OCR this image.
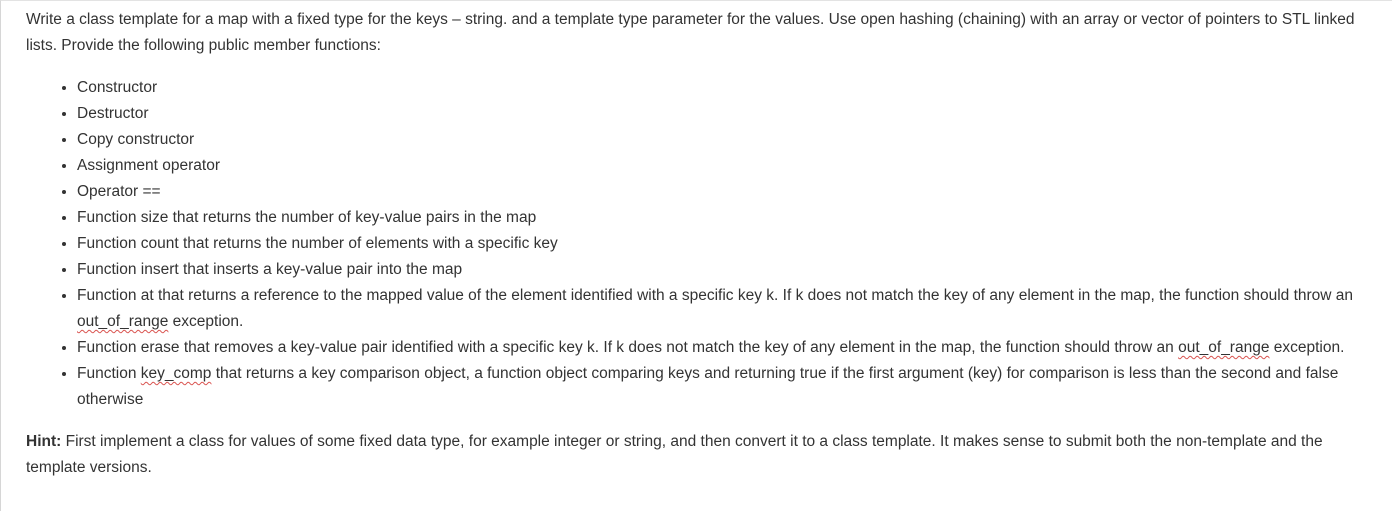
Write a class template for a map with a fixed type for the keys – string. and a template type parameter for the values. Use open hashing (chaining) with an array or vector of pointers to STL linked lists. Provide the following public member functions:

• Constructor
• Destructor
• Copy constructor
• Assignment operator
• Operator ==
• Function size that returns the number of key-value pairs in the map
• Function count that returns the number of elements with a specific key
• Function insert that inserts a key-value pair into the map
• Function at that returns a reference to the mapped value of the element identified with a specific key k. If k does not match the key of any element in the map, the function should throw an out_of_range exception.
• Function erase that removes a key-value pair identified with a specific key k. If k does not match the key of any element in the map, the function should throw an out_of_range exception.
• Function key_comp that returns a key comparison object, a function object comparing keys and returning true if the first argument (key) for comparison is less than the second and false otherwise

Hint: First implement a class for values of some fixed data type, for example integer or string, and then convert it to a class template. It makes sense to submit both the non-template and the template versions.
